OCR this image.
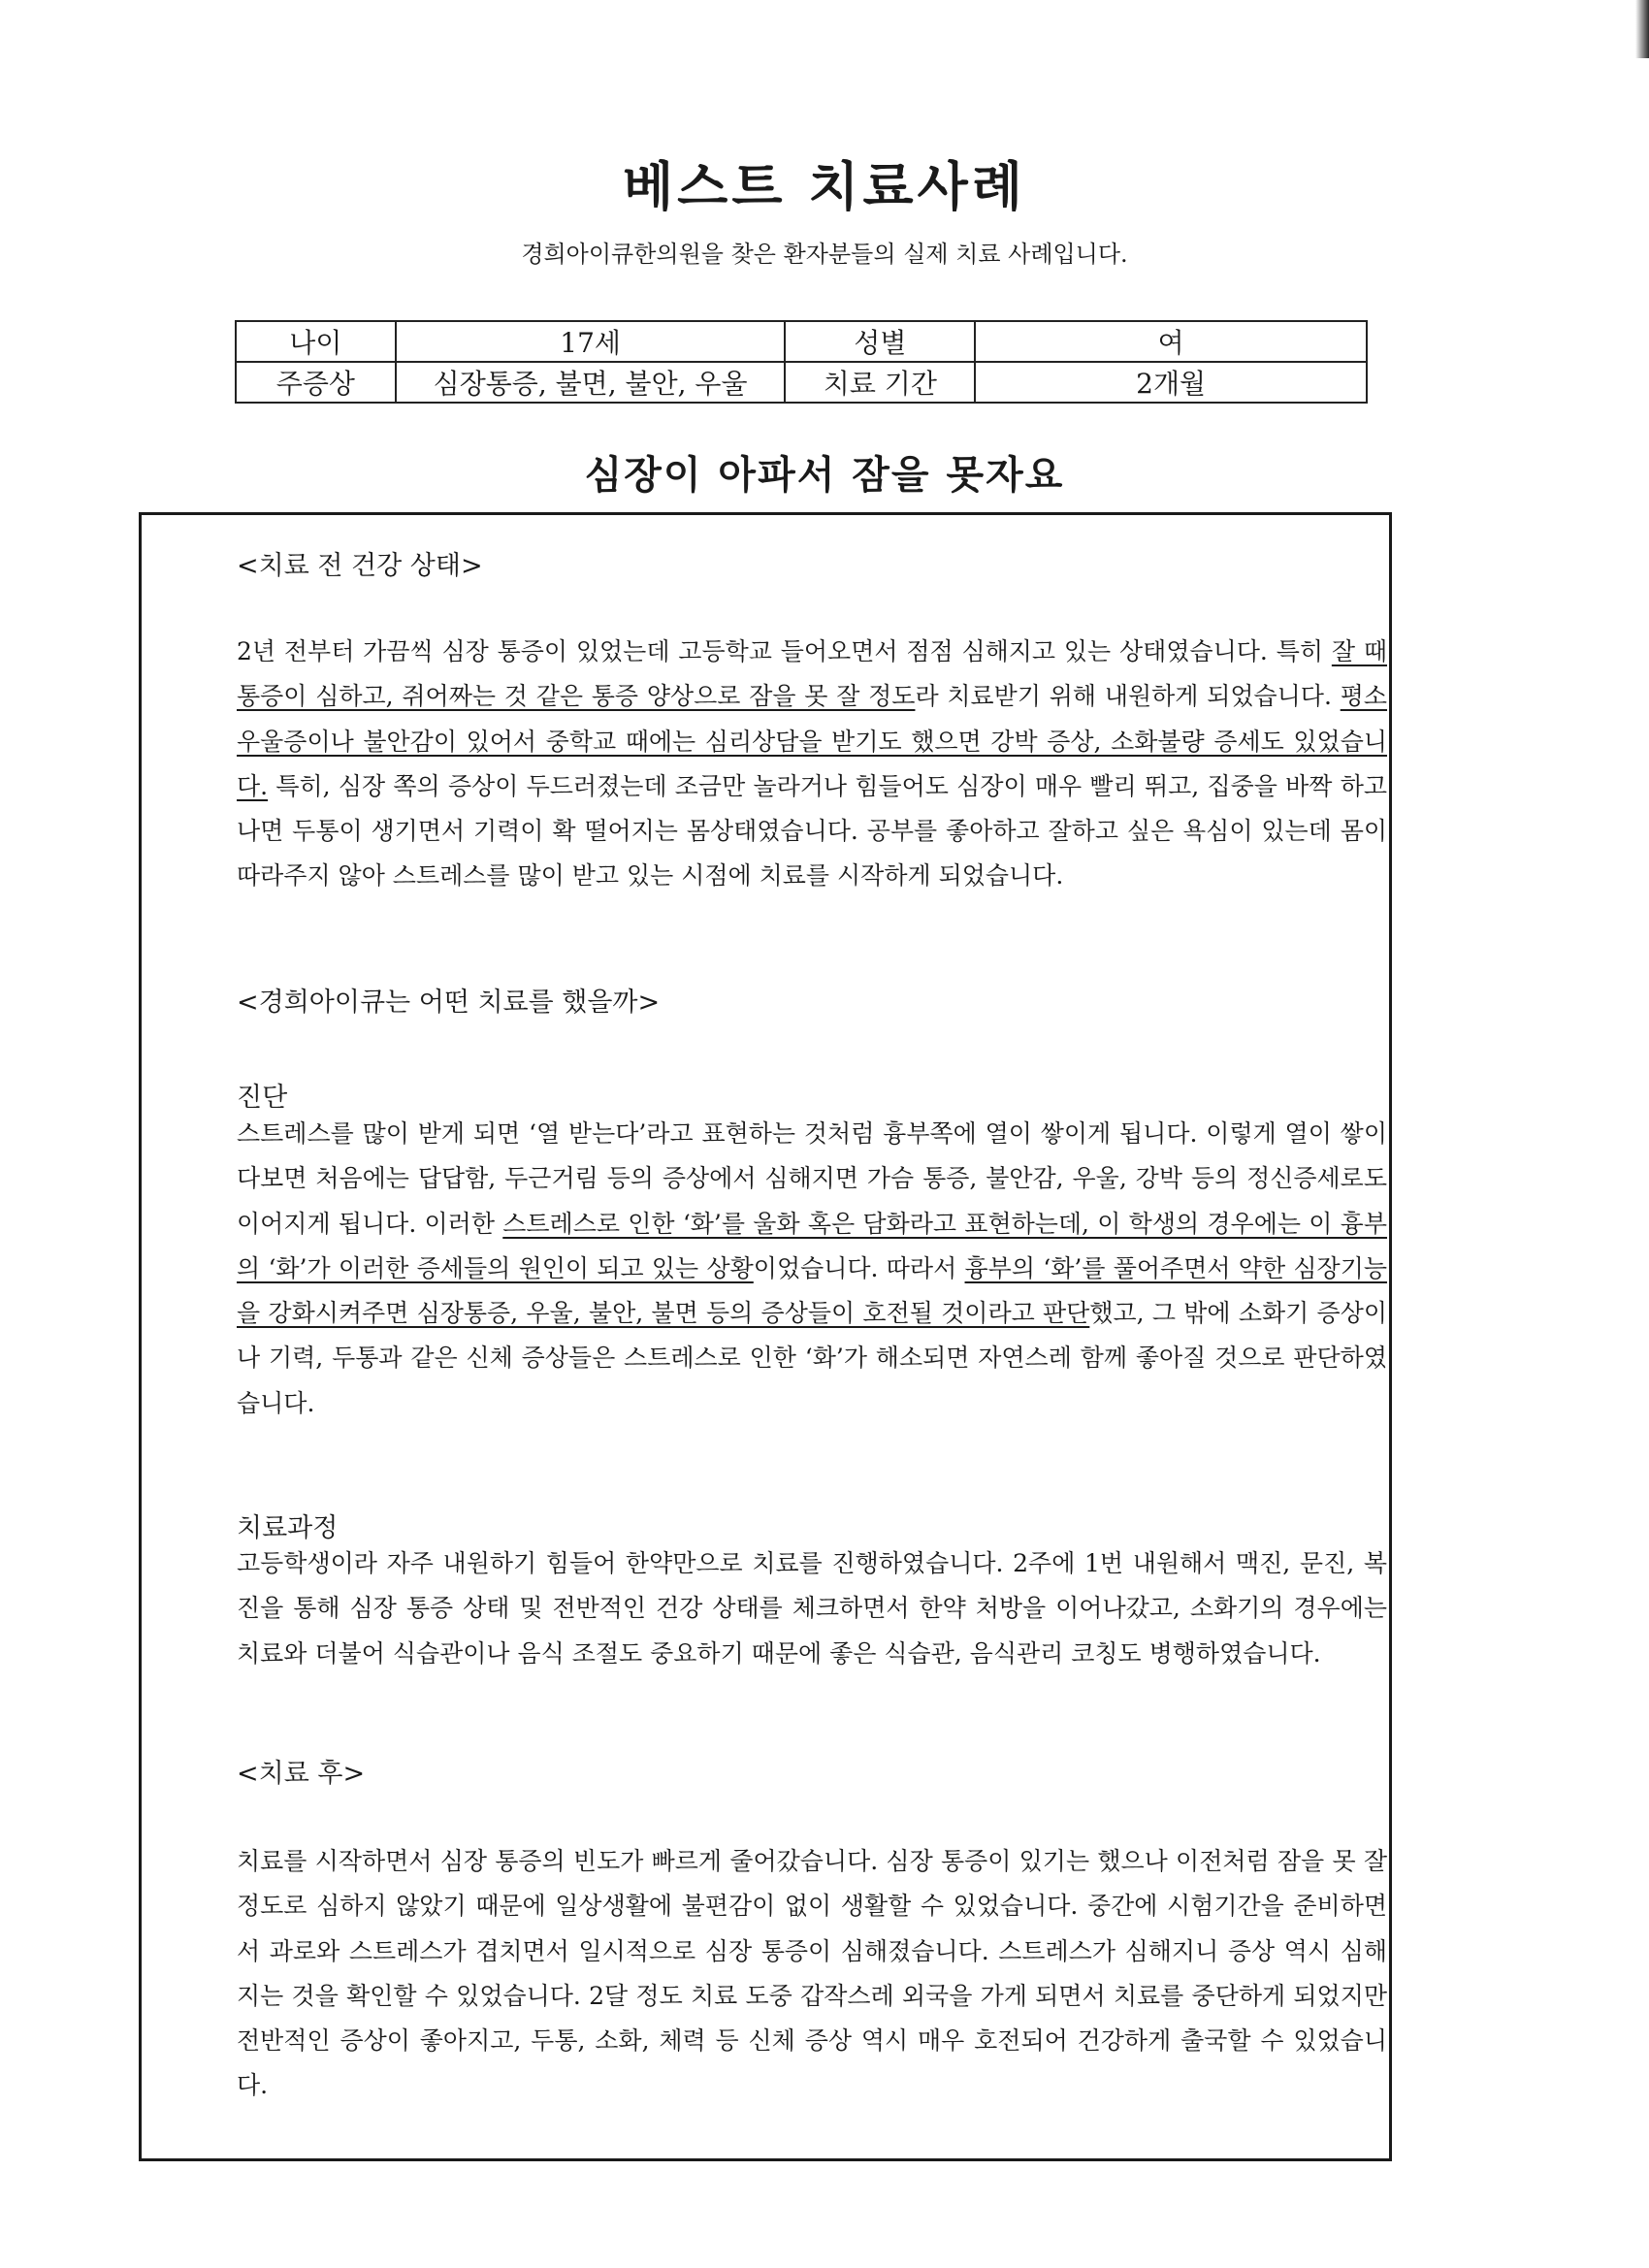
베스트 치료사례

경희아이큐한의원을 찾은 환자분들의 실제 치료 사례입니다.

나이	17세	성별	여
주증상	심장통증, 불면, 불안, 우울	치료 기간	2개월
심장이 아파서 잠을 못자요

<치료 전 건강 상태>

2년 전부터 가끔씩 심장 통증이 있었는데 고등학교 들어오면서 점점 심해지고 있는 상태였습니다. 특히 잘 때 통증이 심하고, 쥐어짜는 것 같은 통증 양상으로 잠을 못 잘 정도라 치료받기 위해 내원하게 되었습니다. 평소 우울증이나 불안감이 있어서 중학교 때에는 심리상담을 받기도 했으면 강박 증상, 소화불량 증세도 있었습니다. 특히, 심장 쪽의 증상이 두드러졌는데 조금만 놀라거나 힘들어도 심장이 매우 빨리 뛰고, 집중을 바짝 하고나면 두통이 생기면서 기력이 확 떨어지는 몸상태였습니다. 공부를 좋아하고 잘하고 싶은 욕심이 있는데 몸이 따라주지 않아 스트레스를 많이 받고 있는 시점에 치료를 시작하게 되었습니다.

<경희아이큐는 어떤 치료를 했을까>

진단

스트레스를 많이 받게 되면 ‘열 받는다’라고 표현하는 것처럼 흉부쪽에 열이 쌓이게 됩니다. 이렇게 열이 쌓이다보면 처음에는 답답함, 두근거림 등의 증상에서 심해지면 가슴 통증, 불안감, 우울, 강박 등의 정신증세로도 이어지게 됩니다. 이러한 스트레스로 인한 ‘화’를 울화 혹은 담화라고 표현하는데, 이 학생의 경우에는 이 흉부의 ‘화’가 이러한 증세들의 원인이 되고 있는 상황이었습니다. 따라서 흉부의 ‘화’를 풀어주면서 약한 심장기능을 강화시켜주면 심장통증, 우울, 불안, 불면 등의 증상들이 호전될 것이라고 판단했고, 그 밖에 소화기 증상이나 기력, 두통과 같은 신체 증상들은 스트레스로 인한 ‘화’가 해소되면 자연스레 함께 좋아질 것으로 판단하였습니다.

치료과정

고등학생이라 자주 내원하기 힘들어 한약만으로 치료를 진행하였습니다. 2주에 1번 내원해서 맥진, 문진, 복진을 통해 심장 통증 상태 및 전반적인 건강 상태를 체크하면서 한약 처방을 이어나갔고, 소화기의 경우에는 치료와 더불어 식습관이나 음식 조절도 중요하기 때문에 좋은 식습관, 음식관리 코칭도 병행하였습니다.

<치료 후>

치료를 시작하면서 심장 통증의 빈도가 빠르게 줄어갔습니다. 심장 통증이 있기는 했으나 이전처럼 잠을 못 잘 정도로 심하지 않았기 때문에 일상생활에 불편감이 없이 생활할 수 있었습니다. 중간에 시험기간을 준비하면서 과로와 스트레스가 겹치면서 일시적으로 심장 통증이 심해졌습니다. 스트레스가 심해지니 증상 역시 심해지는 것을 확인할 수 있었습니다. 2달 정도 치료 도중 갑작스레 외국을 가게 되면서 치료를 중단하게 되었지만 전반적인 증상이 좋아지고, 두통, 소화, 체력 등 신체 증상 역시 매우 호전되어 건강하게 출국할 수 있었습니다.
